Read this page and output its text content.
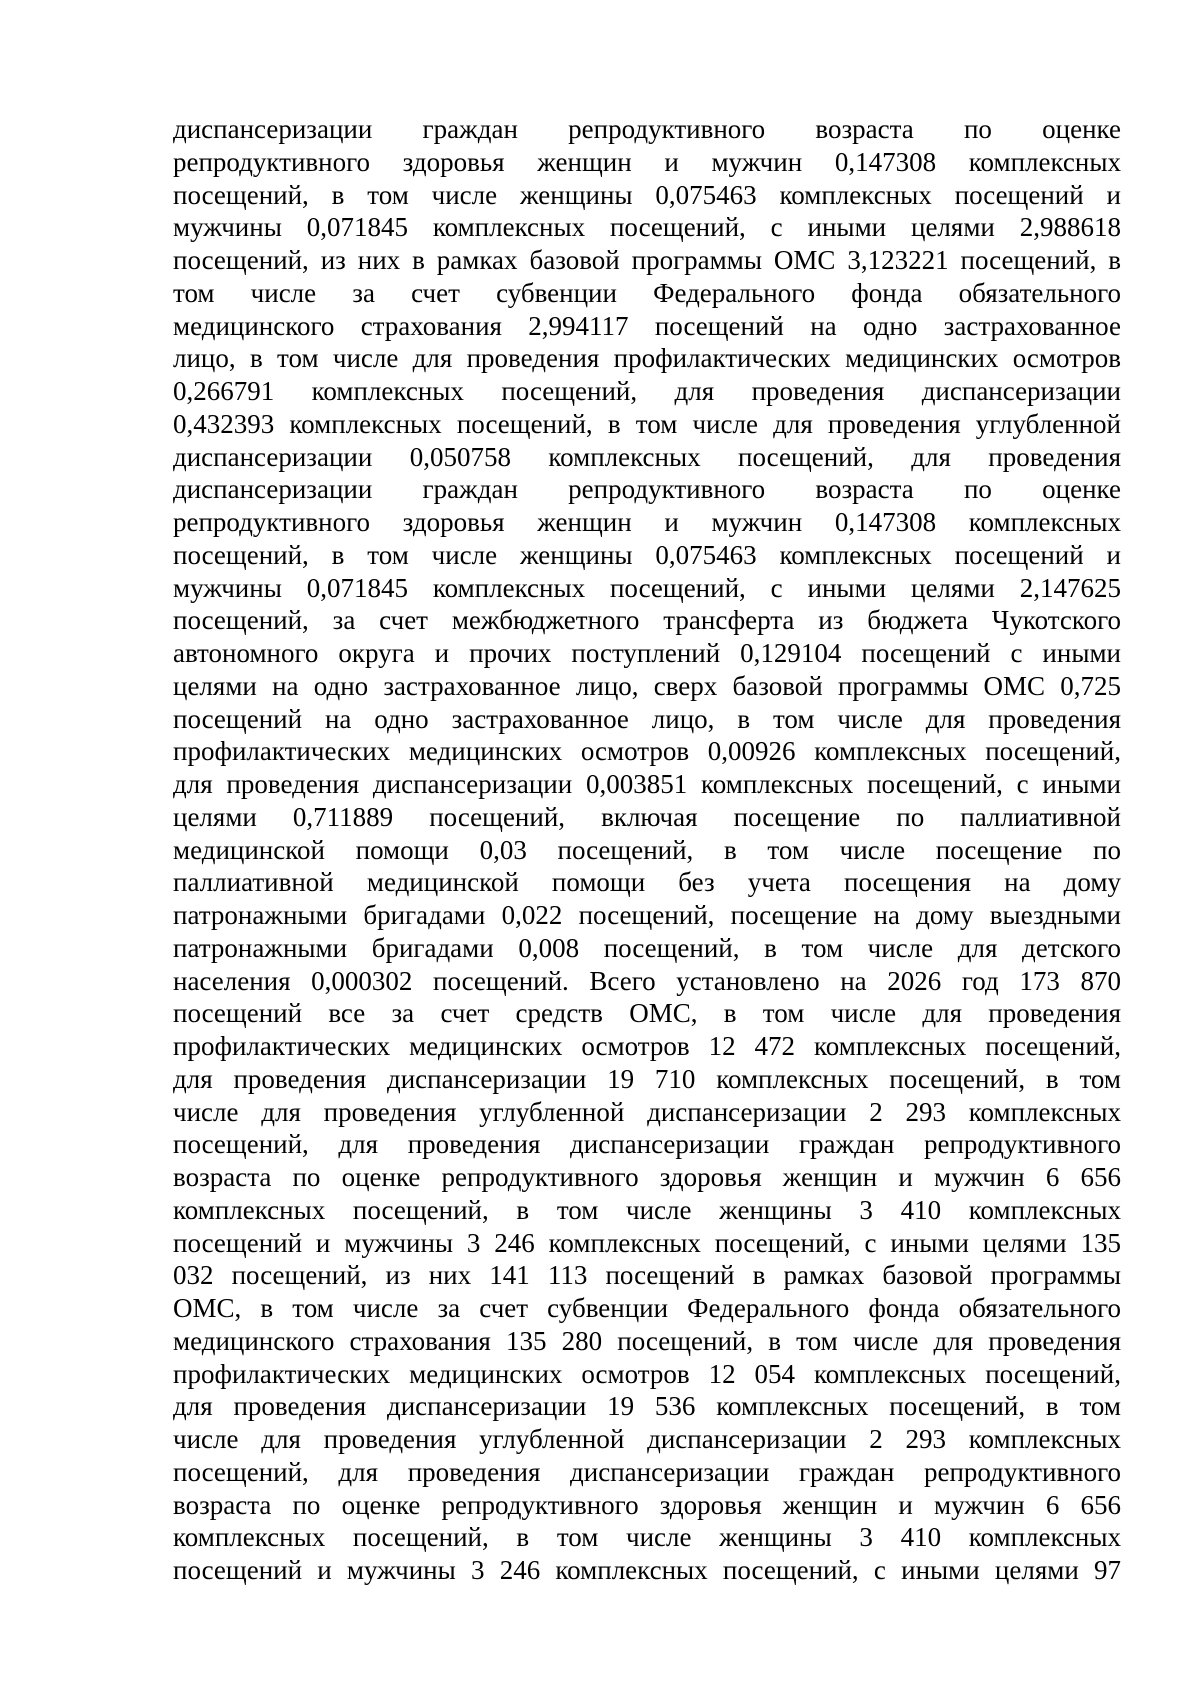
диспансеризации граждан репродуктивного возраста по оценке
репродуктивного здоровья женщин и мужчин 0,147308 комплексных
посещений, в том числе женщины 0,075463 комплексных посещений и
мужчины 0,071845 комплексных посещений, с иными целями 2,988618
посещений, из них в рамках базовой программы ОМС 3,123221 посещений, в
том числе за счет субвенции Федерального фонда обязательного
медицинского страхования 2,994117 посещений на одно застрахованное
лицо, в том числе для проведения профилактических медицинских осмотров
0,266791 комплексных посещений, для проведения диспансеризации
0,432393 комплексных посещений, в том числе для проведения углубленной
диспансеризации 0,050758 комплексных посещений, для проведения
диспансеризации граждан репродуктивного возраста по оценке
репродуктивного здоровья женщин и мужчин 0,147308 комплексных
посещений, в том числе женщины 0,075463 комплексных посещений и
мужчины 0,071845 комплексных посещений, с иными целями 2,147625
посещений, за счет межбюджетного трансферта из бюджета Чукотского
автономного округа и прочих поступлений 0,129104 посещений с иными
целями на одно застрахованное лицо, сверх базовой программы ОМС 0,725
посещений на одно застрахованное лицо, в том числе для проведения
профилактических медицинских осмотров 0,00926 комплексных посещений,
для проведения диспансеризации 0,003851 комплексных посещений, с иными
целями 0,711889 посещений, включая посещение по паллиативной
медицинской помощи 0,03 посещений, в том числе посещение по
паллиативной медицинской помощи без учета посещения на дому
патронажными бригадами 0,022 посещений, посещение на дому выездными
патронажными бригадами 0,008 посещений, в том числе для детского
населения 0,000302 посещений. Всего установлено на 2026 год 173 870
посещений все за счет средств ОМС, в том числе для проведения
профилактических медицинских осмотров 12 472 комплексных посещений,
для проведения диспансеризации 19 710 комплексных посещений, в том
числе для проведения углубленной диспансеризации 2 293 комплексных
посещений, для проведения диспансеризации граждан репродуктивного
возраста по оценке репродуктивного здоровья женщин и мужчин 6 656
комплексных посещений, в том числе женщины 3 410 комплексных
посещений и мужчины 3 246 комплексных посещений, с иными целями 135
032 посещений, из них 141 113 посещений в рамках базовой программы
ОМС, в том числе за счет субвенции Федерального фонда обязательного
медицинского страхования 135 280 посещений, в том числе для проведения
профилактических медицинских осмотров 12 054 комплексных посещений,
для проведения диспансеризации 19 536 комплексных посещений, в том
числе для проведения углубленной диспансеризации 2 293 комплексных
посещений, для проведения диспансеризации граждан репродуктивного
возраста по оценке репродуктивного здоровья женщин и мужчин 6 656
комплексных посещений, в том числе женщины 3 410 комплексных
посещений и мужчины 3 246 комплексных посещений, с иными целями 97
